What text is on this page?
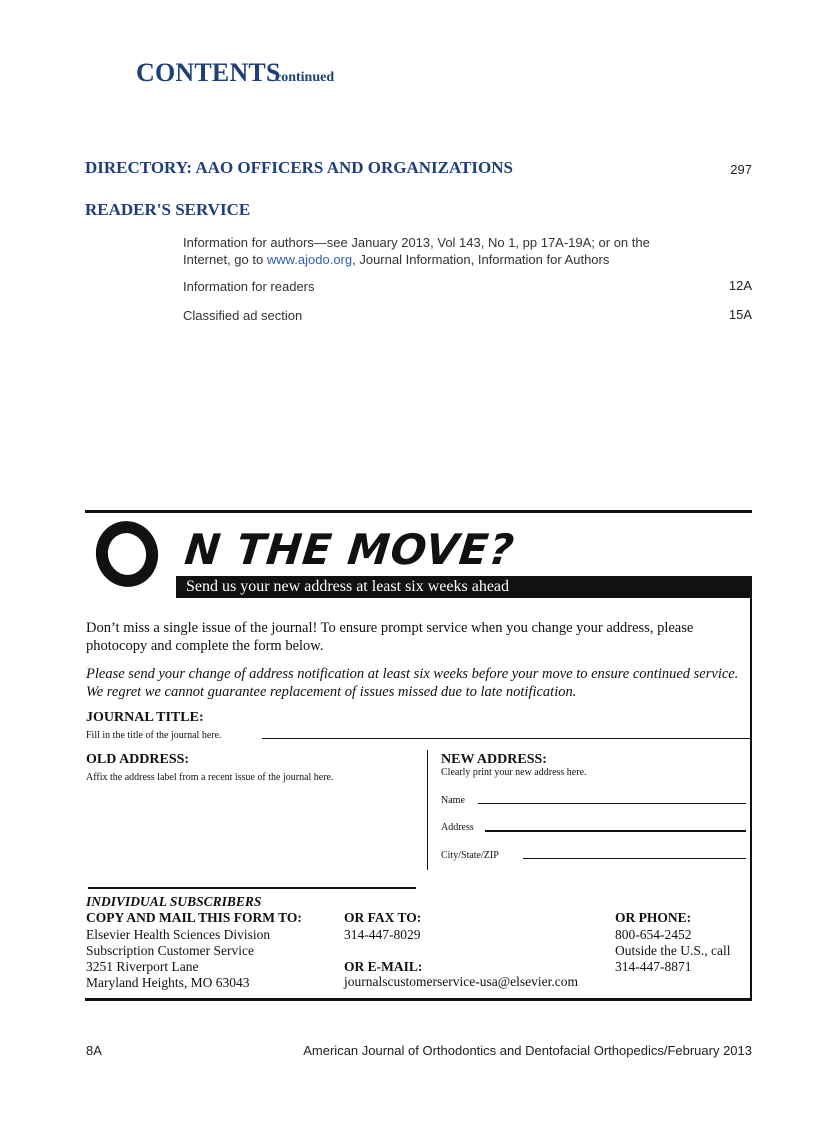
CONTENTS
continued
DIRECTORY: AAO OFFICERS AND ORGANIZATIONS	297
READER'S SERVICE
Information for authors—see January 2013, Vol 143, No 1, pp 17A-19A; or on the
Internet, go to www.ajodo.org, Journal Information, Information for Authors
Information for readers	12A
Classified ad section	15A
N THE MOVE?
Send us your new address at least six weeks ahead
Don’t miss a single issue of the journal! To ensure prompt service when you change your address, please photocopy and complete the form below.
Please send your change of address notification at least six weeks before your move to ensure continued service. We regret we cannot guarantee replacement of issues missed due to late notification.
JOURNAL TITLE:
Fill in the title of the journal here.
OLD ADDRESS:
Affix the address label from a recent issue of the journal here.
NEW ADDRESS:
Clearly print your new address here.
Name
Address
City/State/ZIP
INDIVIDUAL SUBSCRIBERS
COPY AND MAIL THIS FORM TO:
Elsevier Health Sciences Division
Subscription Customer Service
3251 Riverport Lane
Maryland Heights, MO 63043
OR FAX TO:
314-447-8029
OR E-MAIL:
journalscustomerservice-usa@elsevier.com
OR PHONE:
800-654-2452
Outside the U.S., call
314-447-8871
8A	American Journal of Orthodontics and Dentofacial Orthopedics/February 2013
